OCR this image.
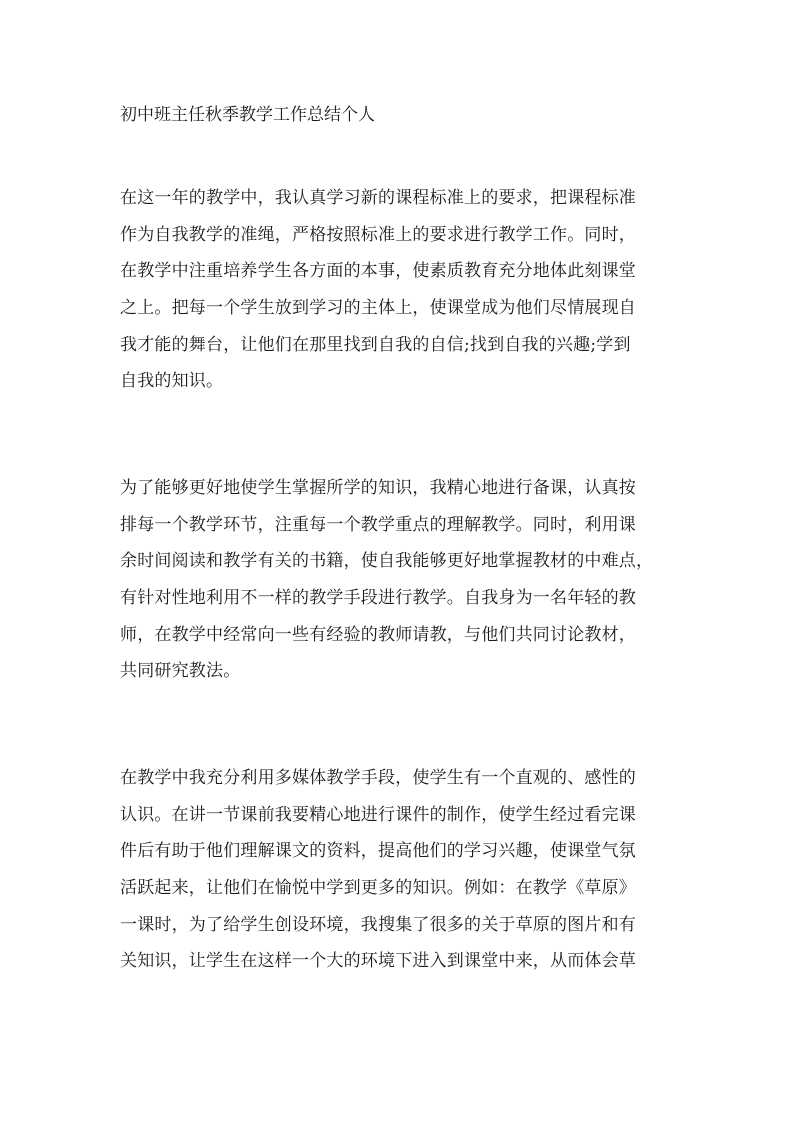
初中班主任秋季教学工作总结个人
在这一年的教学中，我认真学习新的课程标准上的要求，把课程标准
作为自我教学的准绳，严格按照标准上的要求进行教学工作。同时，
在教学中注重培养学生各方面的本事，使素质教育充分地体此刻课堂
之上。把每一个学生放到学习的主体上，使课堂成为他们尽情展现自
我才能的舞台，让他们在那里找到自我的自信;找到自我的兴趣;学到
自我的知识。
为了能够更好地使学生掌握所学的知识，我精心地进行备课，认真按
排每一个教学环节，注重每一个教学重点的理解教学。同时，利用课
余时间阅读和教学有关的书籍，使自我能够更好地掌握教材的中难点，
有针对性地利用不一样的教学手段进行教学。自我身为一名年轻的教
师，在教学中经常向一些有经验的教师请教，与他们共同讨论教材，
共同研究教法。
在教学中我充分利用多媒体教学手段，使学生有一个直观的、感性的
认识。在讲一节课前我要精心地进行课件的制作，使学生经过看完课
件后有助于他们理解课文的资料，提高他们的学习兴趣，使课堂气氛
活跃起来，让他们在愉悦中学到更多的知识。例如：在教学《草原》
一课时，为了给学生创设环境，我搜集了很多的关于草原的图片和有
关知识，让学生在这样一个大的环境下进入到课堂中来，从而体会草
